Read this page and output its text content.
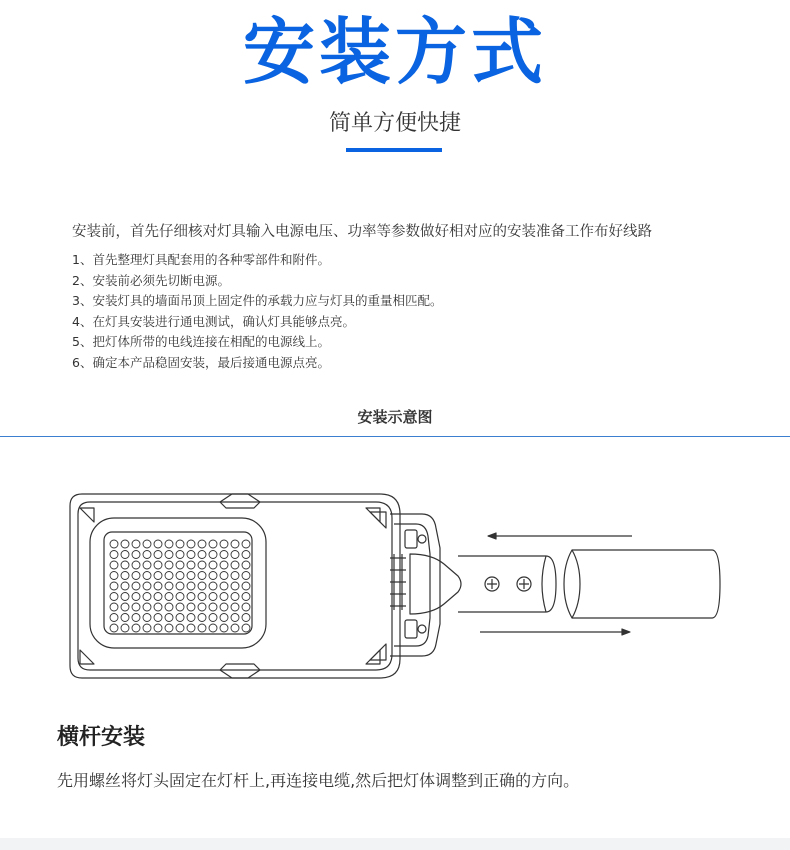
安装方式
简单方便快捷
安装前，首先仔细核对灯具输入电源电压、功率等参数做好相对应的安装准备工作布好线路
1、首先整理灯具配套用的各种零部件和附件。
2、安装前必须先切断电源。
3、安装灯具的墙面吊顶上固定件的承载力应与灯具的重量相匹配。
4、在灯具安装进行通电测试，确认灯具能够点亮。
5、把灯体所带的电线连接在相配的电源线上。
6、确定本产品稳固安装，最后接通电源点亮。
安装示意图
横杆安装
先用螺丝将灯头固定在灯杆上,再连接电缆,然后把灯体调整到正确的方向。
